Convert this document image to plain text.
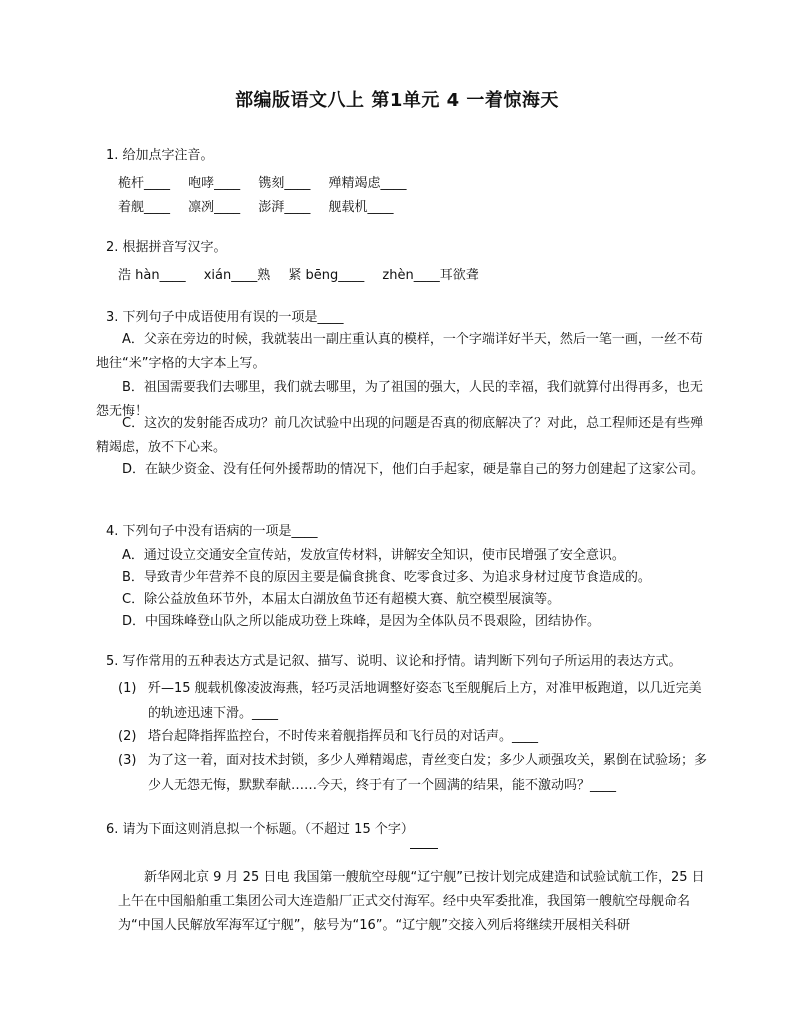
部编版语文八上 第1单元 4 一着惊海天
1. 给加点字注音。
桅杆____ 咆哮____ 镌刻____ 殚精竭虑____
着舰____ 凛冽____ 澎湃____ 舰载机____
2. 根据拼音写汉字。
浩 hàn____ xián____熟 紧 bēng____ zhèn____耳欲聋
3. 下列句子中成语使用有误的一项是____
A．父亲在旁边的时候，我就装出一副庄重认真的模样，一个字端详好半天，然后一笔一画，一丝不苟地往“米”字格的大字本上写。
B．祖国需要我们去哪里，我们就去哪里，为了祖国的强大，人民的幸福，我们就算付出得再多，也无怨无悔！
C．这次的发射能否成功？前几次试验中出现的问题是否真的彻底解决了？对此，总工程师还是有些殚精竭虑，放不下心来。
D．在缺少资金、没有任何外援帮助的情况下，他们白手起家，硬是靠自己的努力创建起了这家公司。
4. 下列句子中没有语病的一项是____
A．通过设立交通安全宣传站，发放宣传材料，讲解安全知识，使市民增强了安全意识。
B．导致青少年营养不良的原因主要是偏食挑食、吃零食过多、为追求身材过度节食造成的。
C．除公益放鱼环节外，本届太白湖放鱼节还有超模大赛、航空模型展演等。
D．中国珠峰登山队之所以能成功登上珠峰，是因为全体队员不畏艰险，团结协作。
5. 写作常用的五种表达方式是记叙、描写、说明、议论和抒情。请判断下列句子所运用的表达方式。
(1) 歼—15 舰载机像凌波海燕，轻巧灵活地调整好姿态飞至舰艉后上方，对准甲板跑道，以几近完美的轨迹迅速下滑。____
(2) 塔台起降指挥监控台，不时传来着舰指挥员和飞行员的对话声。____
(3) 为了这一着，面对技术封锁，多少人殚精竭虑，青丝变白发；多少人顽强攻关，累倒在试验场；多少人无怨无悔，默默奉献……今天，终于有了一个圆满的结果，能不激动吗？____
6. 请为下面这则消息拟一个标题。（不超过 15 个字）
新华网北京 9 月 25 日电 我国第一艘航空母舰“辽宁舰”已按计划完成建造和试验试航工作，25 日上午在中国船舶重工集团公司大连造船厂正式交付海军。经中央军委批准，我国第一艘航空母舰命名为“中国人民解放军海军辽宁舰”，舷号为“16”。“辽宁舰”交接入列后将继续开展相关科研
